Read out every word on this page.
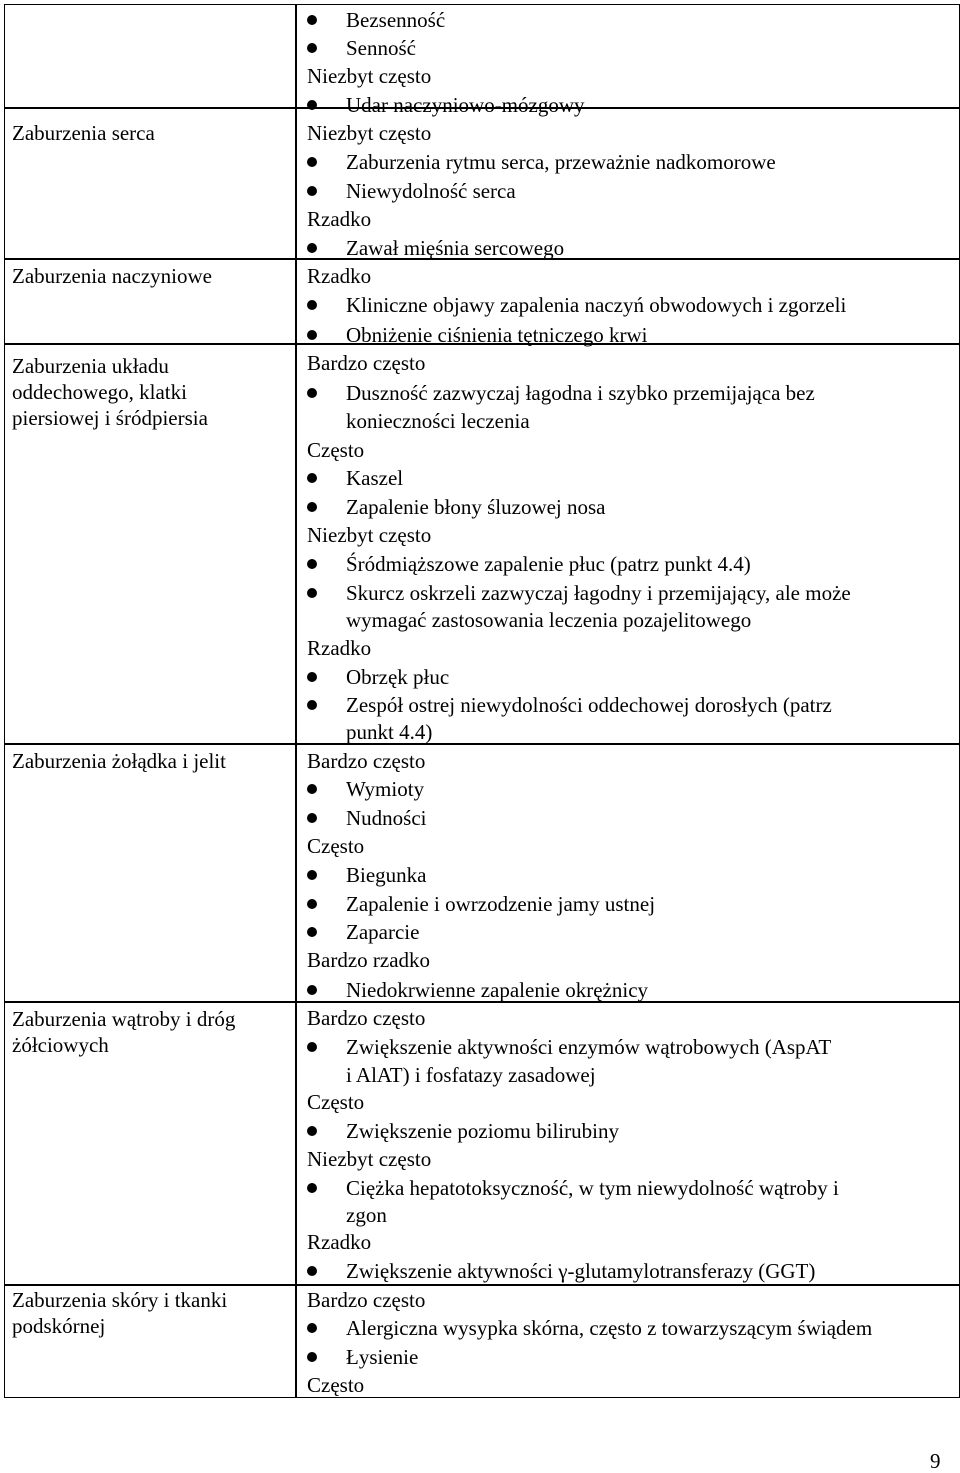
Zaburzenia serca
Zaburzenia naczyniowe
Zaburzenia układu
oddechowego, klatki
piersiowej i śródpiersia
Zaburzenia żołądka i jelit
Zaburzenia wątroby i dróg
żółciowych
Zaburzenia skóry i tkanki
podskórnej
Bezsenność
Senność
Niezbyt często
Udar naczyniowo-mózgowy
Niezbyt często
Zaburzenia rytmu serca, przeważnie nadkomorowe
Niewydolność serca
Rzadko
Zawał mięśnia sercowego
Rzadko
Kliniczne objawy zapalenia naczyń obwodowych i zgorzeli
Obniżenie ciśnienia tętniczego krwi
Bardzo często
Duszność zazwyczaj łagodna i szybko przemijająca bez
konieczności leczenia
Często
Kaszel
Zapalenie błony śluzowej nosa
Niezbyt często
Śródmiąższowe zapalenie płuc (patrz punkt 4.4)
Skurcz oskrzeli zazwyczaj łagodny i przemijający, ale może
wymagać zastosowania leczenia pozajelitowego
Rzadko
Obrzęk płuc
Zespół ostrej niewydolności oddechowej dorosłych (patrz
punkt 4.4)
Bardzo często
Wymioty
Nudności
Często
Biegunka
Zapalenie i owrzodzenie jamy ustnej
Zaparcie
Bardzo rzadko
Niedokrwienne zapalenie okrężnicy
Bardzo często
Zwiększenie aktywności enzymów wątrobowych (AspAT
i AlAT) i fosfatazy zasadowej
Często
Zwiększenie poziomu bilirubiny
Niezbyt często
Ciężka hepatotoksyczność, w tym niewydolność wątroby i
zgon
Rzadko
Zwiększenie aktywności γ-glutamylotransferazy (GGT)
Bardzo często
Alergiczna wysypka skórna, często z towarzyszącym świądem
Łysienie
Często
9
